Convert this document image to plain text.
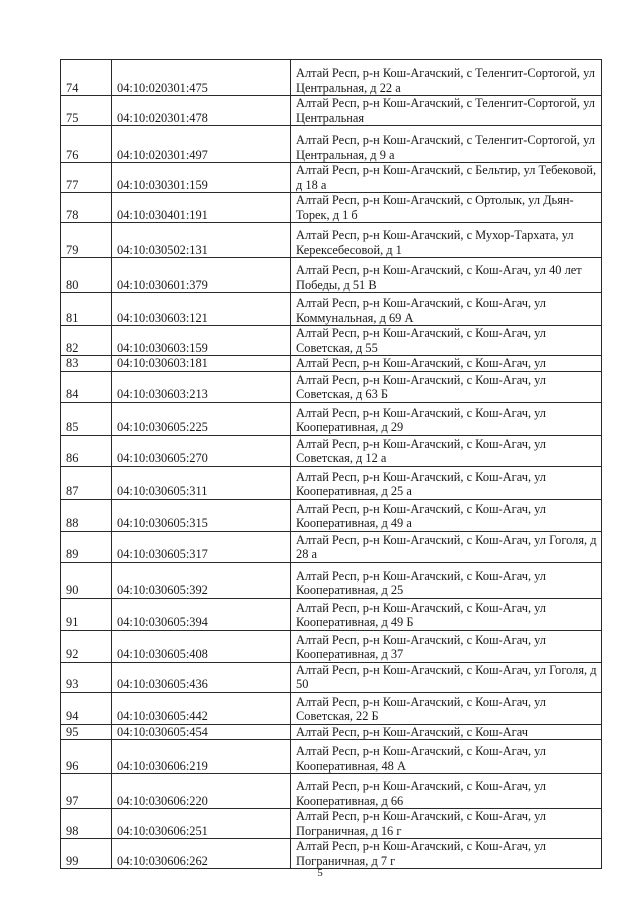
74	04:10:020301:475	Алтай Респ, р-н Кош-Агачский, с Теленгит-Сортогой, ул Центральная, д 22 а

75	04:10:020301:478	Алтай Респ, р-н Кош-Агачский, с Теленгит-Сортогой, ул Центральная

76	04:10:020301:497	Алтай Респ, р-н Кош-Агачский, с Теленгит-Сортогой, ул Центральная, д 9 а

77	04:10:030301:159	Алтай Респ, р-н Кош-Агачский, с Бельтир, ул Тебековой, д 18 а

78	04:10:030401:191	Алтай Респ, р-н Кош-Агачский, с Ортолык, ул Дьян-Торек, д 1 б

79	04:10:030502:131	Алтай Респ, р-н Кош-Агачский, с Мухор-Тархата, ул Керексебесовой, д 1

80	04:10:030601:379	Алтай Респ, р-н Кош-Агачский, с Кош-Агач, ул 40 лет Победы, д 51 В

81	04:10:030603:121	Алтай Респ, р-н Кош-Агачский, с Кош-Агач, ул Коммунальная, д 69 А

82	04:10:030603:159	Алтай Респ, р-н Кош-Агачский, с Кош-Агач, ул Советская, д 55

83	04:10:030603:181	Алтай Респ, р-н Кош-Агачский, с Кош-Агач, ул

84	04:10:030603:213	Алтай Респ, р-н Кош-Агачский, с Кош-Агач, ул Советская, д 63 Б

85	04:10:030605:225	Алтай Респ, р-н Кош-Агачский, с Кош-Агач, ул Кооперативная, д 29

86	04:10:030605:270	Алтай Респ, р-н Кош-Агачский, с Кош-Агач, ул Советская, д 12 а

87	04:10:030605:311	Алтай Респ, р-н Кош-Агачский, с Кош-Агач, ул Кооперативная, д 25 а

88	04:10:030605:315	Алтай Респ, р-н Кош-Агачский, с Кош-Агач, ул Кооперативная, д 49 а

89	04:10:030605:317	Алтай Респ, р-н Кош-Агачский, с Кош-Агач, ул Гоголя, д 28 а

90	04:10:030605:392	Алтай Респ, р-н Кош-Агачский, с Кош-Агач, ул Кооперативная, д 25

91	04:10:030605:394	Алтай Респ, р-н Кош-Агачский, с Кош-Агач, ул Кооперативная, д 49 Б

92	04:10:030605:408	Алтай Респ, р-н Кош-Агачский, с Кош-Агач, ул Кооперативная, д 37

93	04:10:030605:436	Алтай Респ, р-н Кош-Агачский, с Кош-Агач, ул Гоголя, д 50

94	04:10:030605:442	Алтай Респ, р-н Кош-Агачский, с Кош-Агач, ул Советская, 22 Б

95	04:10:030605:454	Алтай Респ, р-н Кош-Агачский, с Кош-Агач

96	04:10:030606:219	Алтай Респ, р-н Кош-Агачский, с Кош-Агач, ул Кооперативная, 48 А

97	04:10:030606:220	Алтай Респ, р-н Кош-Агачский, с Кош-Агач, ул Кооперативная, д 66

98	04:10:030606:251	Алтай Респ, р-н Кош-Агачский, с Кош-Агач, ул Пограничная, д 16 г

99	04:10:030606:262	Алтай Респ, р-н Кош-Агачский, с Кош-Агач, ул Пограничная, д 7 г
5
